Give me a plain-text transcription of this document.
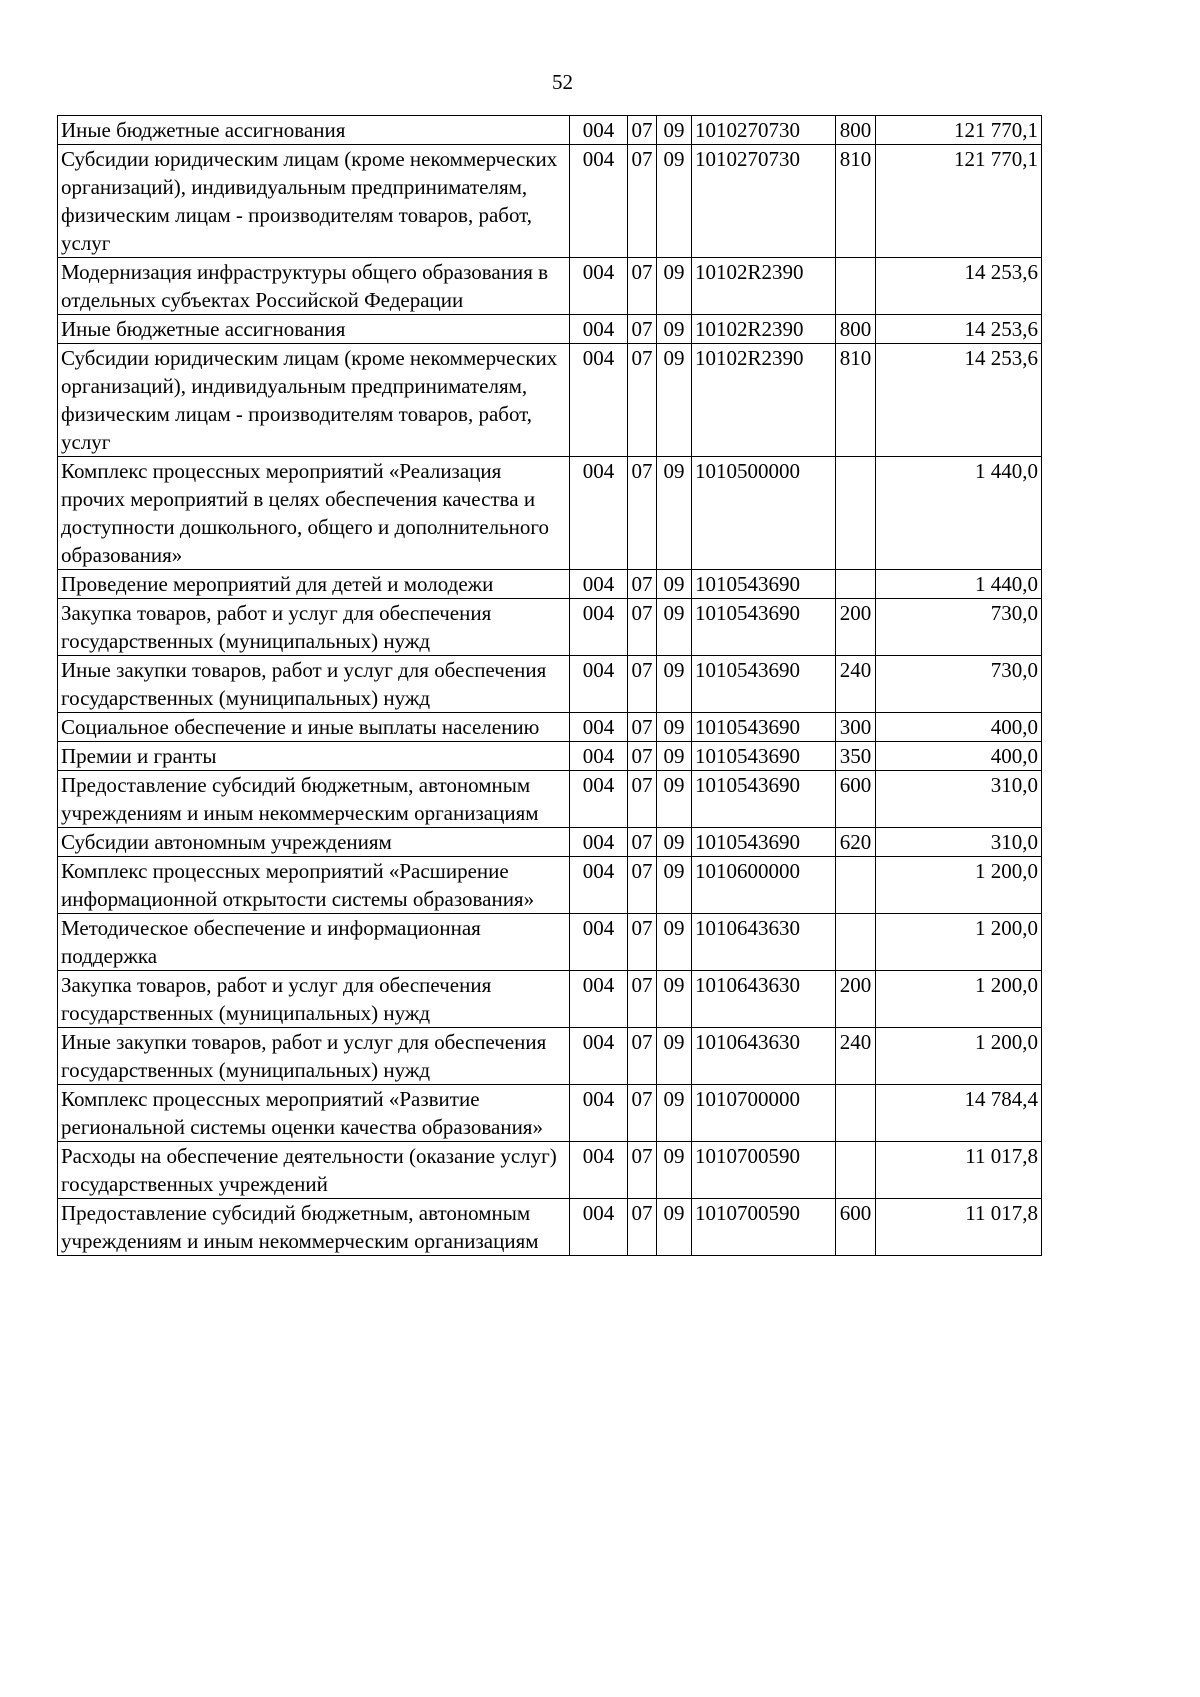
52
Иные бюджетные ассигнования	004	07	09	1010270730	800	121 770,1
Субсидии юридическим лицам (кроме некоммерческих организаций), индивидуальным предпринимателям, физическим лицам - производителям товаров, работ, услуг	004	07	09	1010270730	810	121 770,1
Модернизация инфраструктуры общего образования в отдельных субъектах Российской Федерации	004	07	09	10102R2390		14 253,6
Иные бюджетные ассигнования	004	07	09	10102R2390	800	14 253,6
Субсидии юридическим лицам (кроме некоммерческих организаций), индивидуальным предпринимателям, физическим лицам - производителям товаров, работ, услуг	004	07	09	10102R2390	810	14 253,6
Комплекс процессных мероприятий «Реализация прочих мероприятий в целях обеспечения качества и доступности дошкольного, общего и дополнительного образования»	004	07	09	1010500000		1 440,0
Проведение мероприятий для детей и молодежи	004	07	09	1010543690		1 440,0
Закупка товаров, работ и услуг для обеспечения государственных (муниципальных) нужд	004	07	09	1010543690	200	730,0
Иные закупки товаров, работ и услуг для обеспечения государственных (муниципальных) нужд	004	07	09	1010543690	240	730,0
Социальное обеспечение и иные выплаты населению	004	07	09	1010543690	300	400,0
Премии и гранты	004	07	09	1010543690	350	400,0
Предоставление субсидий бюджетным, автономным учреждениям и иным некоммерческим организациям	004	07	09	1010543690	600	310,0
Субсидии автономным учреждениям	004	07	09	1010543690	620	310,0
Комплекс процессных мероприятий «Расширение информационной открытости системы образования»	004	07	09	1010600000		1 200,0
Методическое обеспечение и информационная поддержка	004	07	09	1010643630		1 200,0
Закупка товаров, работ и услуг для обеспечения государственных (муниципальных) нужд	004	07	09	1010643630	200	1 200,0
Иные закупки товаров, работ и услуг для обеспечения государственных (муниципальных) нужд	004	07	09	1010643630	240	1 200,0
Комплекс процессных мероприятий «Развитие региональной системы оценки качества образования»	004	07	09	1010700000		14 784,4
Расходы на обеспечение деятельности (оказание услуг) государственных учреждений	004	07	09	1010700590		11 017,8
Предоставление субсидий бюджетным, автономным учреждениям и иным некоммерческим организациям	004	07	09	1010700590	600	11 017,8
